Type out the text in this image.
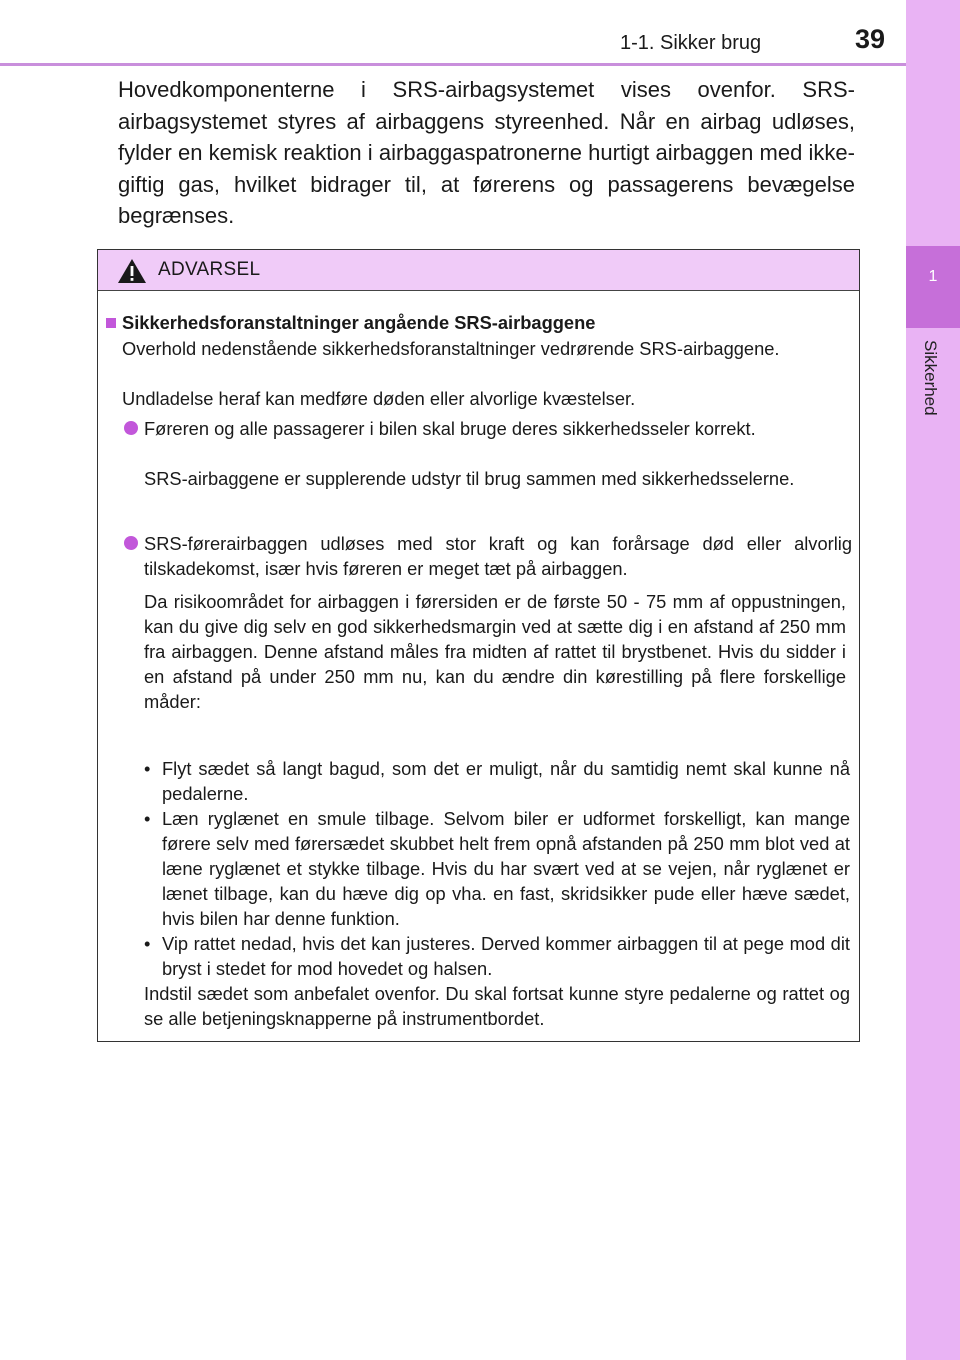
1-1. Sikker brug	39
1
Sikkerhed
Hovedkomponenterne i SRS-airbagsystemet vises ovenfor. SRS-airbagsystemet styres af airbaggens styreenhed. Når en airbag udløses, fylder en kemisk reaktion i airbaggaspatronerne hurtigt airbaggen med ikke-giftig gas, hvilket bidrager til, at førerens og passagerens bevægelse begrænses.
ADVARSEL
Sikkerhedsforanstaltninger angående SRS-airbaggene
Overhold nedenstående sikkerhedsforanstaltninger vedrørende SRS-airbaggene.
Undladelse heraf kan medføre døden eller alvorlige kvæstelser.
Føreren og alle passagerer i bilen skal bruge deres sikkerhedsseler korrekt.
SRS-airbaggene er supplerende udstyr til brug sammen med sikkerhedsselerne.
SRS-førerairbaggen udløses med stor kraft og kan forårsage død eller alvorlig tilskadekomst, især hvis føreren er meget tæt på airbaggen.
Da risikoområdet for airbaggen i førersiden er de første 50 - 75 mm af oppustningen, kan du give dig selv en god sikkerhedsmargin ved at sætte dig i en afstand af 250 mm fra airbaggen. Denne afstand måles fra midten af rattet til brystbenet. Hvis du sidder i en afstand på under 250 mm nu, kan du ændre din kørestilling på flere forskellige måder:
• Flyt sædet så langt bagud, som det er muligt, når du samtidig nemt skal kunne nå pedalerne.
• Læn ryglænet en smule tilbage. Selvom biler er udformet forskelligt, kan mange førere selv med førersædet skubbet helt frem opnå afstanden på 250 mm blot ved at læne ryglænet et stykke tilbage. Hvis du har svært ved at se vejen, når ryglænet er lænet tilbage, kan du hæve dig op vha. en fast, skridsikker pude eller hæve sædet, hvis bilen har denne funktion.
• Vip rattet nedad, hvis det kan justeres. Derved kommer airbaggen til at pege mod dit bryst i stedet for mod hovedet og halsen.
Indstil sædet som anbefalet ovenfor. Du skal fortsat kunne styre pedalerne og rattet og se alle betjeningsknapperne på instrumentbordet.
